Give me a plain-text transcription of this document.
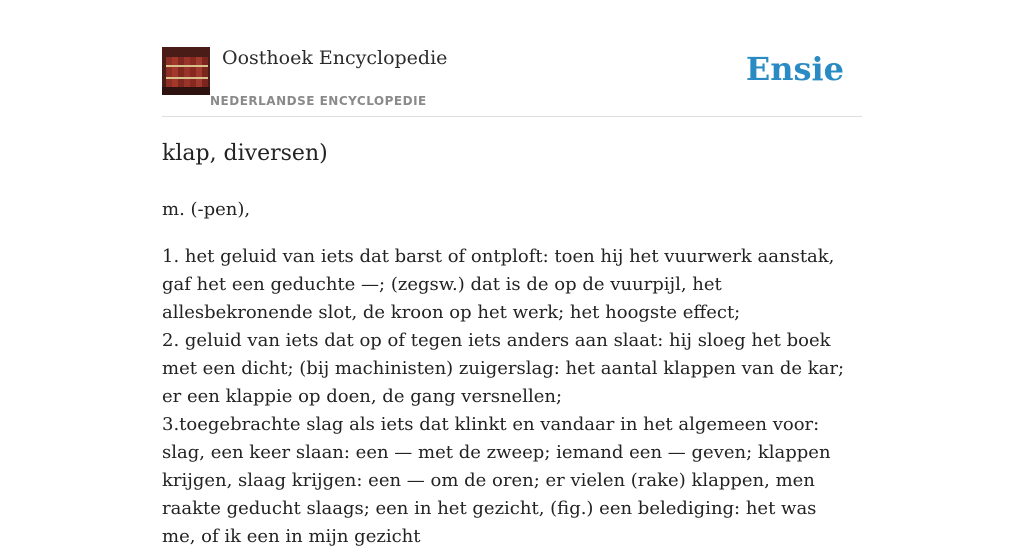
Oosthoek Encyclopedie
NEDERLANDSE ENCYCLOPEDIE
Ensie
klap, diversen)

m. (-pen),

1. het geluid van iets dat barst of ontploft: toen hij het vuurwerk aanstak, gaf het een geduchte —; (zegsw.) dat is de op de vuurpijl, het allesbekronende slot, de kroon op het werk; het hoogste effect;
2. geluid van iets dat op of tegen iets anders aan slaat: hij sloeg het boek met een dicht; (bij machinisten) zuigerslag: het aantal klappen van de kar; er een klappie op doen, de gang versnellen;
3.toegebrachte slag als iets dat klinkt en vandaar in het algemeen voor: slag, een keer slaan: een — met de zweep; iemand een — geven; klappen krijgen, slaag krijgen: een — om de oren; er vielen (rake) klappen, men raakte geducht slaags; een in het gezicht, (fig.) een belediging: het was me, of ik een in mijn gezicht
